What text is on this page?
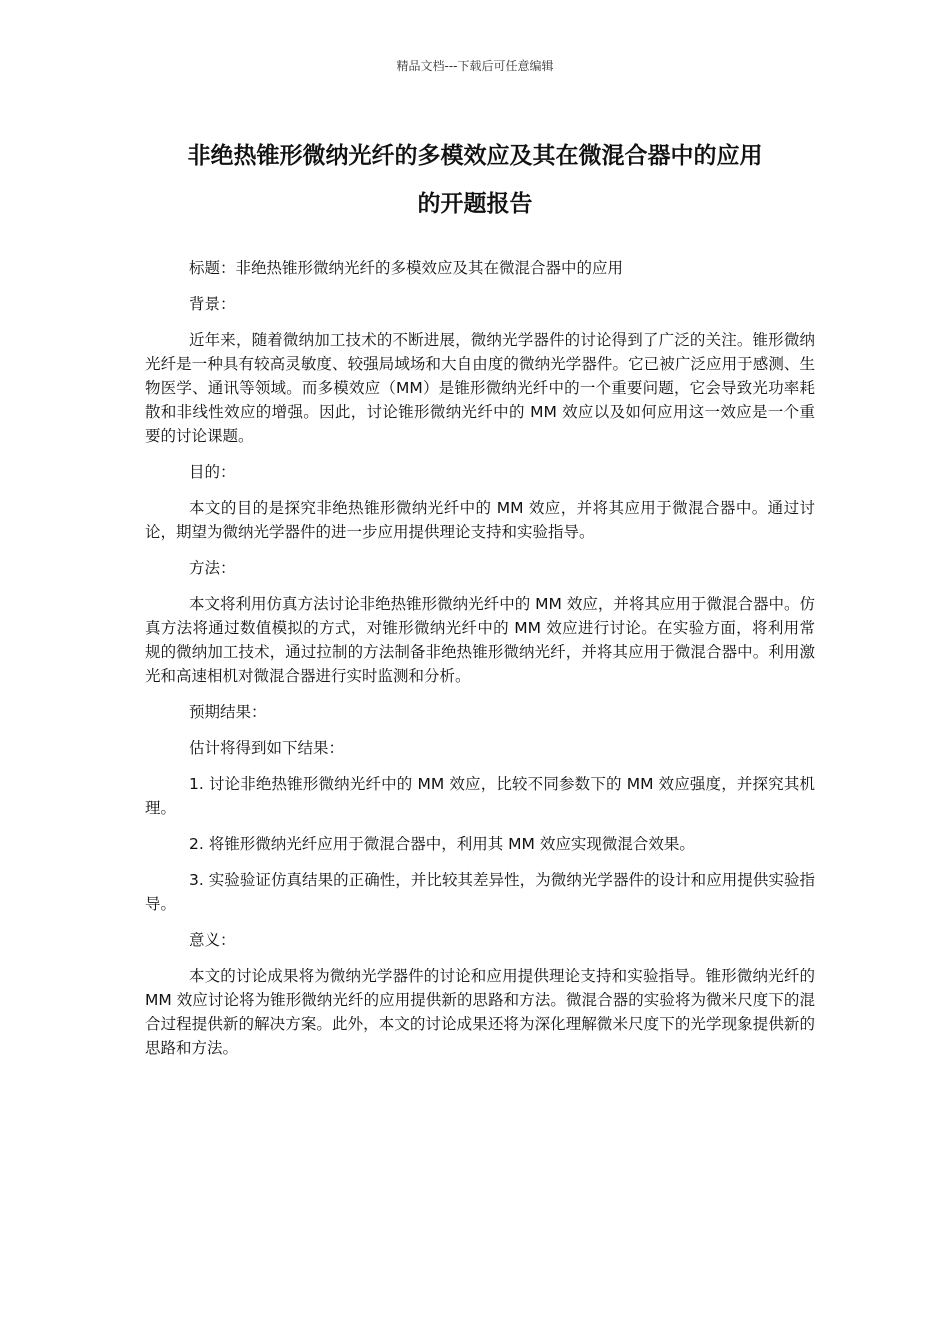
精品文档---下载后可任意编辑
非绝热锥形微纳光纤的多模效应及其在微混合器中的应用
的开题报告

标题：非绝热锥形微纳光纤的多模效应及其在微混合器中的应用

背景：

近年来，随着微纳加工技术的不断进展，微纳光学器件的讨论得到了广泛的关注。锥形微纳光纤是一种具有较高灵敏度、较强局域场和大自由度的微纳光学器件。它已被广泛应用于感测、生物医学、通讯等领域。而多模效应（MM）是锥形微纳光纤中的一个重要问题，它会导致光功率耗散和非线性效应的增强。因此，讨论锥形微纳光纤中的 MM 效应以及如何应用这一效应是一个重要的讨论课题。

目的：

本文的目的是探究非绝热锥形微纳光纤中的 MM 效应，并将其应用于微混合器中。通过讨论，期望为微纳光学器件的进一步应用提供理论支持和实验指导。

方法：

本文将利用仿真方法讨论非绝热锥形微纳光纤中的 MM 效应，并将其应用于微混合器中。仿真方法将通过数值模拟的方式，对锥形微纳光纤中的 MM 效应进行讨论。在实验方面，将利用常规的微纳加工技术，通过拉制的方法制备非绝热锥形微纳光纤，并将其应用于微混合器中。利用激光和高速相机对微混合器进行实时监测和分析。

预期结果：

估计将得到如下结果：

1. 讨论非绝热锥形微纳光纤中的 MM 效应，比较不同参数下的 MM 效应强度，并探究其机理。

2. 将锥形微纳光纤应用于微混合器中，利用其 MM 效应实现微混合效果。

3. 实验验证仿真结果的正确性，并比较其差异性，为微纳光学器件的设计和应用提供实验指导。

意义：

本文的讨论成果将为微纳光学器件的讨论和应用提供理论支持和实验指导。锥形微纳光纤的 MM 效应讨论将为锥形微纳光纤的应用提供新的思路和方法。微混合器的实验将为微米尺度下的混合过程提供新的解决方案。此外，本文的讨论成果还将为深化理解微米尺度下的光学现象提供新的思路和方法。
